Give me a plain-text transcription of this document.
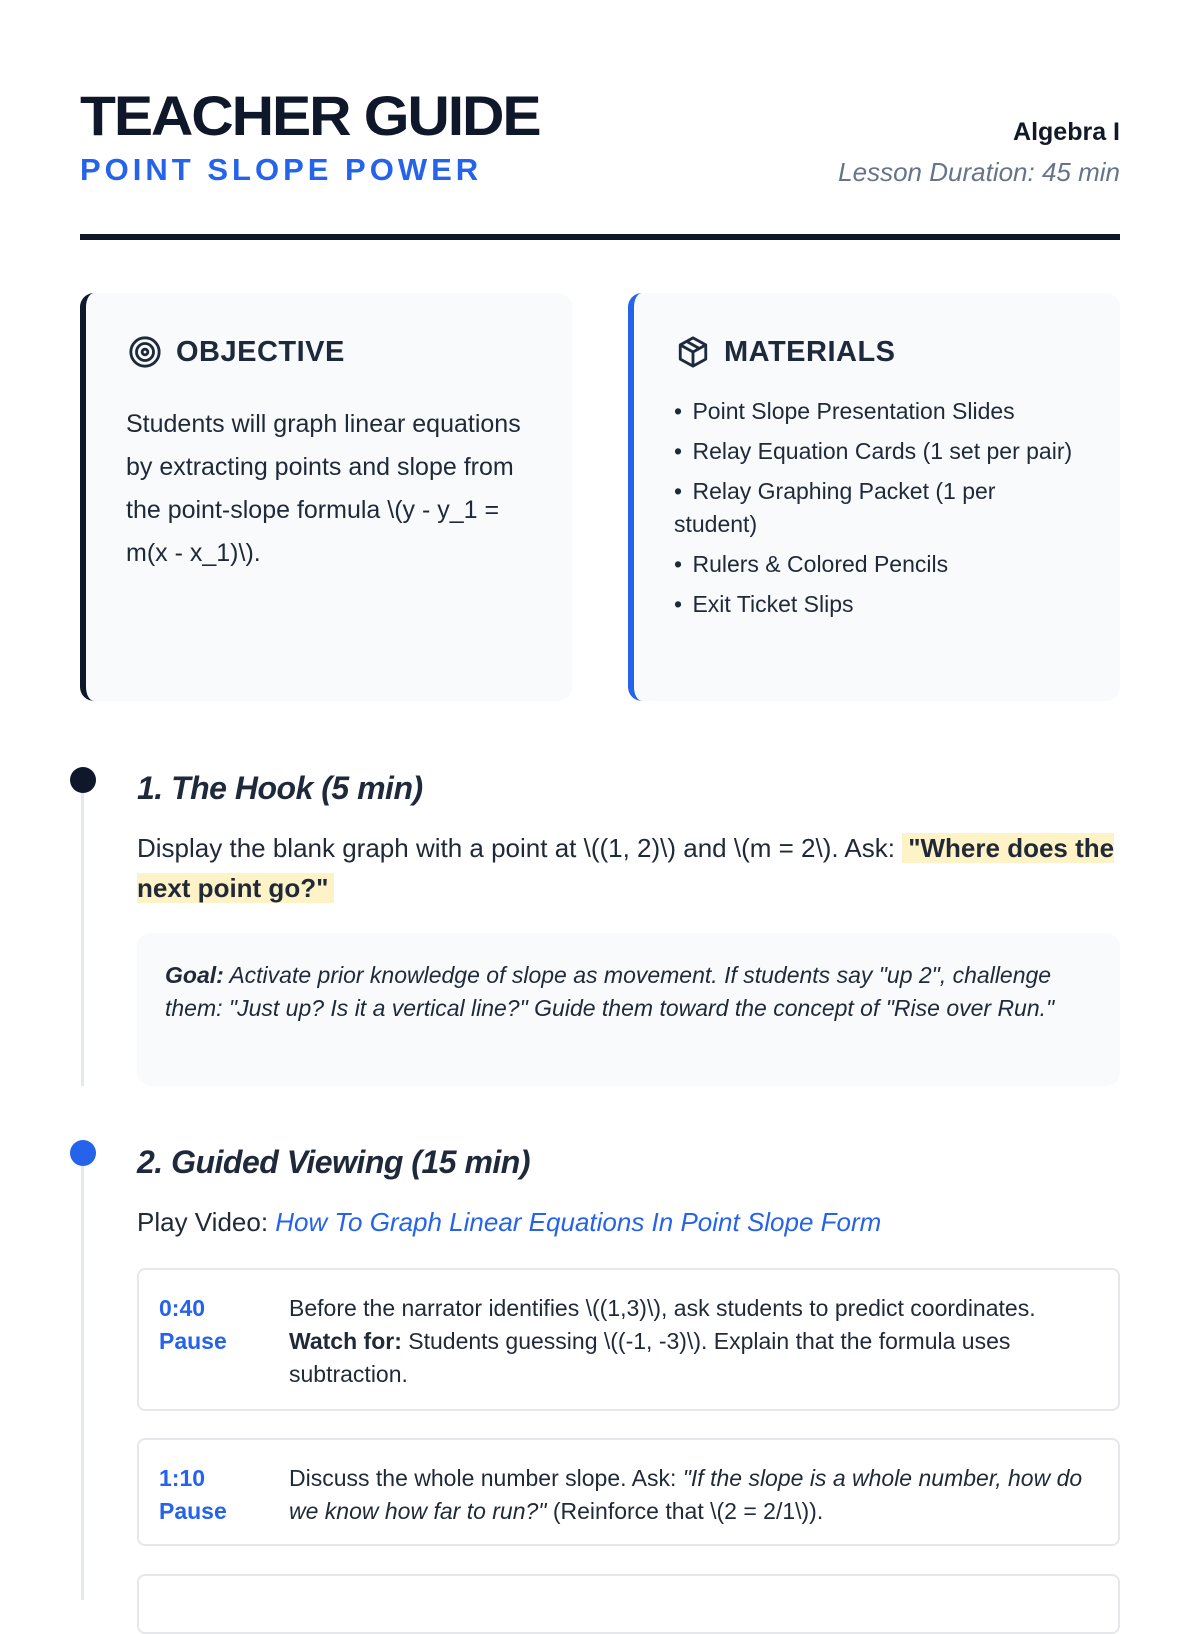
TEACHER GUIDE
POINT SLOPE POWER
Algebra I
Lesson Duration: 45 min
OBJECTIVE

Students will graph linear equations by extracting points and slope from the point-slope formula \(y - y_1 = m(x - x_1)\).

MATERIALS
• Point Slope Presentation Slides
• Relay Equation Cards (1 set per pair)
• Relay Graphing Packet (1 per student)
• Rulers & Colored Pencils
• Exit Ticket Slips
1. The Hook (5 min)

Display the blank graph with a point at \((1, 2)\) and \(m = 2\). Ask: "Where does the next point go?"

Goal: Activate prior knowledge of slope as movement. If students say "up 2", challenge them: "Just up? Is it a vertical line?" Guide them toward the concept of "Rise over Run."
2. Guided Viewing (15 min)

Play Video: How To Graph Linear Equations In Point Slope Form

0:40
Pause

Before the narrator identifies \((1,3)\), ask students to predict coordinates. Watch for: Students guessing \((-1, -3)\). Explain that the formula uses subtraction.

1:10
Pause

Discuss the whole number slope. Ask: "If the slope is a whole number, how do we know how far to run?" (Reinforce that \(2 = 2/1\)).
